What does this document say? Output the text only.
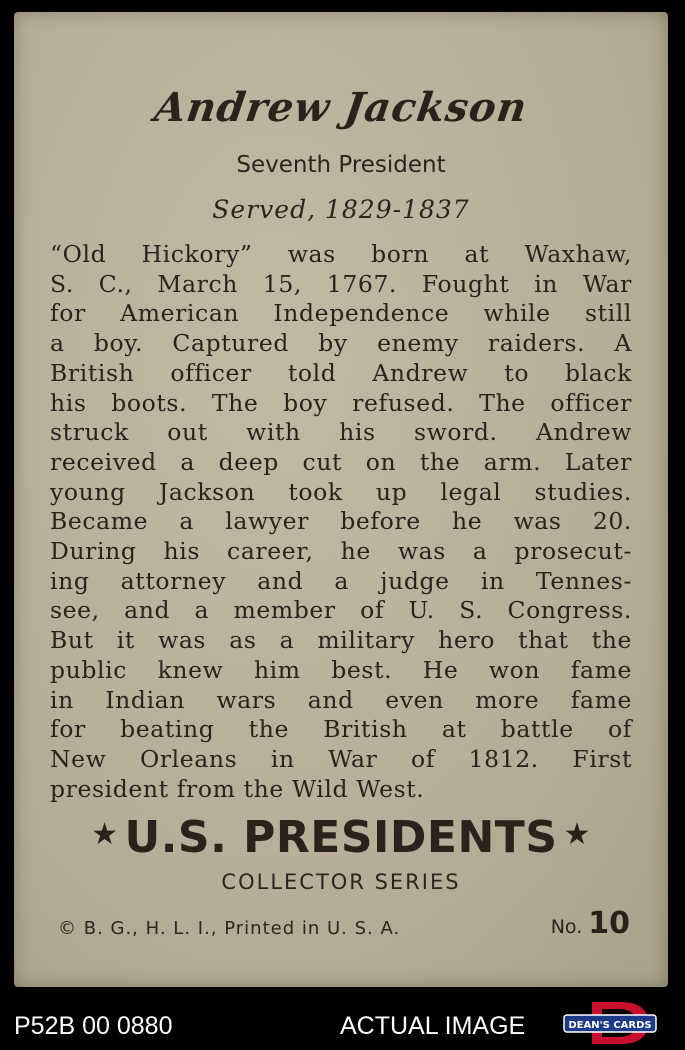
Andrew Jackson
Seventh President
Served, 1829-1837
“Old Hickory” was born at Waxhaw,
S. C., March 15, 1767. Fought in War
for American Independence while still
a boy. Captured by enemy raiders. A
British officer told Andrew to black
his boots. The boy refused. The officer
struck out with his sword. Andrew
received a deep cut on the arm. Later
young Jackson took up legal studies.
Became a lawyer before he was 20.
During his career, he was a prosecut-
ing attorney and a judge in Tennes-
see, and a member of U. S. Congress.
But it was as a military hero that the
public knew him best. He won fame
in Indian wars and even more fame
for beating the British at battle of
New Orleans in War of 1812. First
president from the Wild West.
★ U.S. PRESIDENTS ★
COLLECTOR SERIES
© B. G., H. L. I., Printed in U. S. A.	No. 10
P52B 00 0880	ACTUAL IMAGE	DEAN'S CARDS
